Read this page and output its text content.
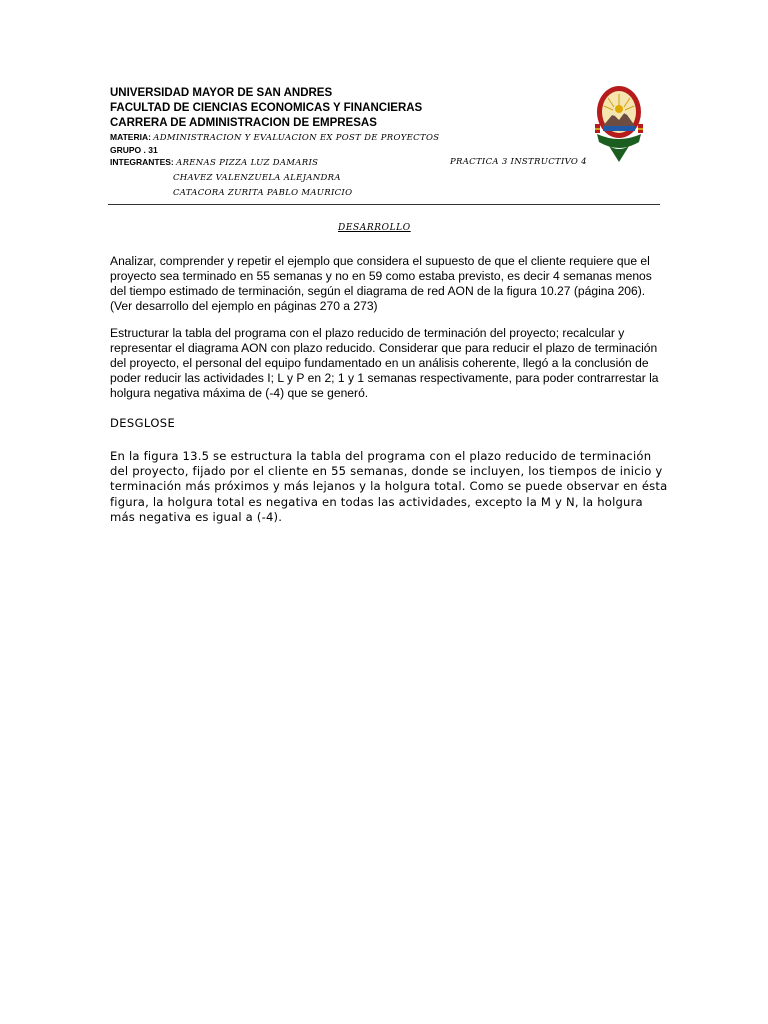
UNIVERSIDAD MAYOR DE SAN ANDRES
FACULTAD DE CIENCIAS ECONOMICAS Y FINANCIERAS
CARRERA DE ADMINISTRACION DE EMPRESAS
MATERIA: ADMINISTRACION Y EVALUACION EX POST DE PROYECTOS
GRUPO . 31
INTEGRANTES: ARENAS PIZZA LUZ DAMARIS	PRACTICA 3 INSTRUCTIVO 4
CHAVEZ VALENZUELA ALEJANDRA
CATACORA ZURITA PABLO MAURICIO
DESARROLLO
Analizar, comprender y repetir el ejemplo que considera el supuesto de que el cliente requiere que el proyecto sea terminado en 55 semanas y no en 59 como estaba previsto, es decir 4 semanas menos del tiempo estimado de terminación, según el diagrama de red AON de la figura 10.27 (página 206). (Ver desarrollo del ejemplo en páginas 270 a 273)
Estructurar la tabla del programa con el plazo reducido de terminación del proyecto; recalcular y representar el diagrama AON con plazo reducido. Considerar que para reducir el plazo de terminación del proyecto, el personal del equipo fundamentado en un análisis coherente, llegó a la conclusión de poder reducir las actividades I; L y P en 2; 1 y 1 semanas respectivamente, para poder contrarrestar la holgura negativa máxima de (-4) que se generó.
DESGLOSE
En la figura 13.5 se estructura la tabla del programa con el plazo reducido de terminación del proyecto, fijado por el cliente en 55 semanas, donde se incluyen, los tiempos de inicio y terminación más próximos y más lejanos y la holgura total. Como se puede observar en ésta figura, la holgura total es negativa en todas las actividades, excepto la M y N, la holgura más negativa es igual a (-4).
